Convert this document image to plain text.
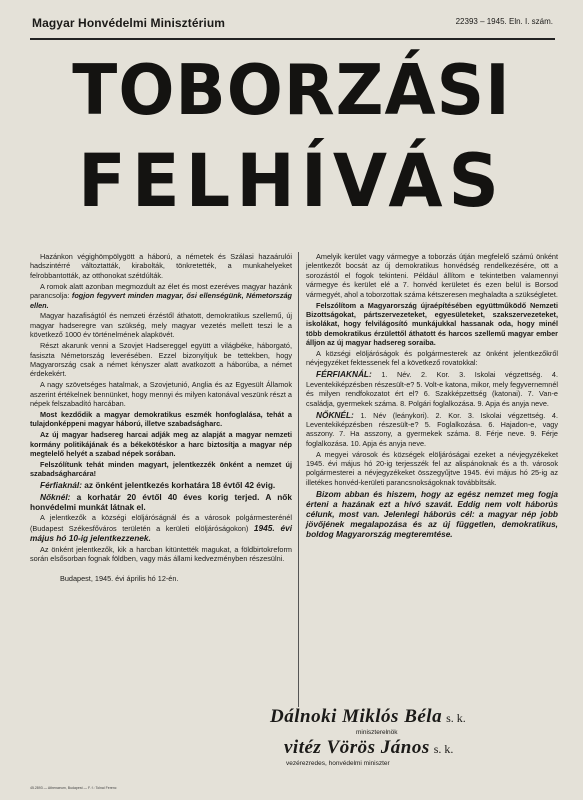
Magyar Honvédelmi Minisztérium	22393 – 1945. Eln. I. szám.
TOBORZÁSI
FELHÍVÁS

Hazánkon végighömpölygött a háború, a németek és Szálasi hazaárulói hadszintérré változtatták, kirabolták, tönkretették, a munkahelyeket felrobbantották, az otthonokat szétdúlták.

A romok alatt azonban megmozdult az élet és most ezeréves magyar hazánk parancsolja: fogjon fegyvert minden magyar, ősi ellenségünk, Németország ellen.

Magyar hazafiságtól és nemzeti érzéstől áthatott, demokratikus szellemű, új magyar hadseregre van szükség, mely magyar vezetés mellett teszi le a következő 1000 év történelmének alapkövét.

Részt akarunk venni a Szovjet Hadsereggel együtt a világbéke, háborgató, fasiszta Németország leverésében. Ezzel bizonyítjuk be tettekben, hogy Magyarország csak a német kényszer alatt avatkozott a háborúba, a német érdekekért.

A nagy szövetséges hatalmak, a Szovjetunió, Anglia és az Egyesült Államok aszerint értékelnek bennünket, hogy mennyi és milyen katonával veszünk részt a népek felszabadító harcában.

Most kezdődik a magyar demokratikus eszmék honfoglalása, tehát a tulajdonképpeni magyar háború, illetve szabadságharc.

Az új magyar hadsereg harcai adják meg az alapját a magyar nemzeti kormány politikájának és a békekötéskor a harc biztosítja a magyar nép megtelelő helyét a szabad népek sorában.

Felszólítunk tehát minden magyart, jelentkezzék önként a nemzet új szabadságharcára!

Férfiaknál: az önként jelentkezés korhatára 18 évtől 42 évig.

Nőknél: a korhatár 20 évtől 40 éves korig terjed. A nők honvédelmi munkát látnak el.

A jelentkezők a községi elöljáróságnál és a városok polgármesterénél (Budapest Székesfőváros területén a kerületi elöljáróságokon) 1945. évi május hó 10-ig jelentkezzenek.

Az önként jelentkezők, kik a harcban kitüntették magukat, a földbirtokreform során elsősorban fognak földben, vagy más állami kedvezményben részesülni.

Budapest, 1945. évi április hó 12-én.

Amelyik kerület vagy vármegye a toborzás útján megfelelő számú önként jelentkezőt bocsát az új demokratikus honvédség rendelkezésére, ott a sorozástól el fogok tekinteni. Például állítom e tekintetben valamennyi vármegye és kerület elé a 7. honvéd kerületet és ezen belül is Borsod vármegyét, ahol a toborzottak száma kétszeresen meghaladta a szükségletet.

Felszólítom a Magyarország újraépítésében együttműködő Nemzeti Bizottságokat, pártszervezeteket, egyesületeket, szakszervezeteket, iskolákat, hogy felvilágosító munkájukkal hassanak oda, hogy minél több demokratikus érzülettől áthatott és harcos szellemű magyar ember álljon az új magyar hadsereg soraiba.

A községi elöljáróságok és polgármesterek az önként jelentkezőkről névjegyzéket fektessenek fel a következő rovatokkal:

FÉRFIAKNÁL: 1. Név. 2. Kor. 3. Iskolai végzettség. 4. Leventekiképzésben részesült-e? 5. Volt-e katona, mikor, mely fegyvernemnél és milyen rendfokozatot ért el? 6. Szakképzettség (katonai). 7. Van-e családja, gyermekek száma. 8. Polgári foglalkozása. 9. Apja és anyja neve.

NŐKNÉL: 1. Név (leánykori). 2. Kor. 3. Iskolai végzettség. 4. Leventekiképzésben részesült-e? 5. Foglalkozása. 6. Hajadon-e, vagy asszony. 7. Ha asszony, a gyermekek száma. 8. Férje neve. 9. Férje foglalkozása. 10. Apja és anyja neve.

A megyei városok és községek elöljáróságai ezeket a névjegyzékeket 1945. évi május hó 20-ig terjesszék fel az alispánoknak és a th. városok polgármesterei a névjegyzékeket összegyűjtve 1945. évi május hó 25-ig az illetékes honvéd-kerületi parancsnokságoknak továbbítsák.

Bizom abban és hiszem, hogy az egész nemzet meg fogja érteni a hazának ezt a hívó szavát. Eddig nem volt háborús célunk, most van. Jelenlegi háborús cél: a magyar nép jobb jövőjének megalapozása és az új független, demokratikus, boldog Magyarország megteremtése.

Dálnoki Miklós Béla s. k.
miniszterelnök
vitéz Vörös János s. k.
vezérezredes, honvédelmi miniszter
45.2893 — Athenaeum, Budapest — F. f.: Tolnai Ferenc
